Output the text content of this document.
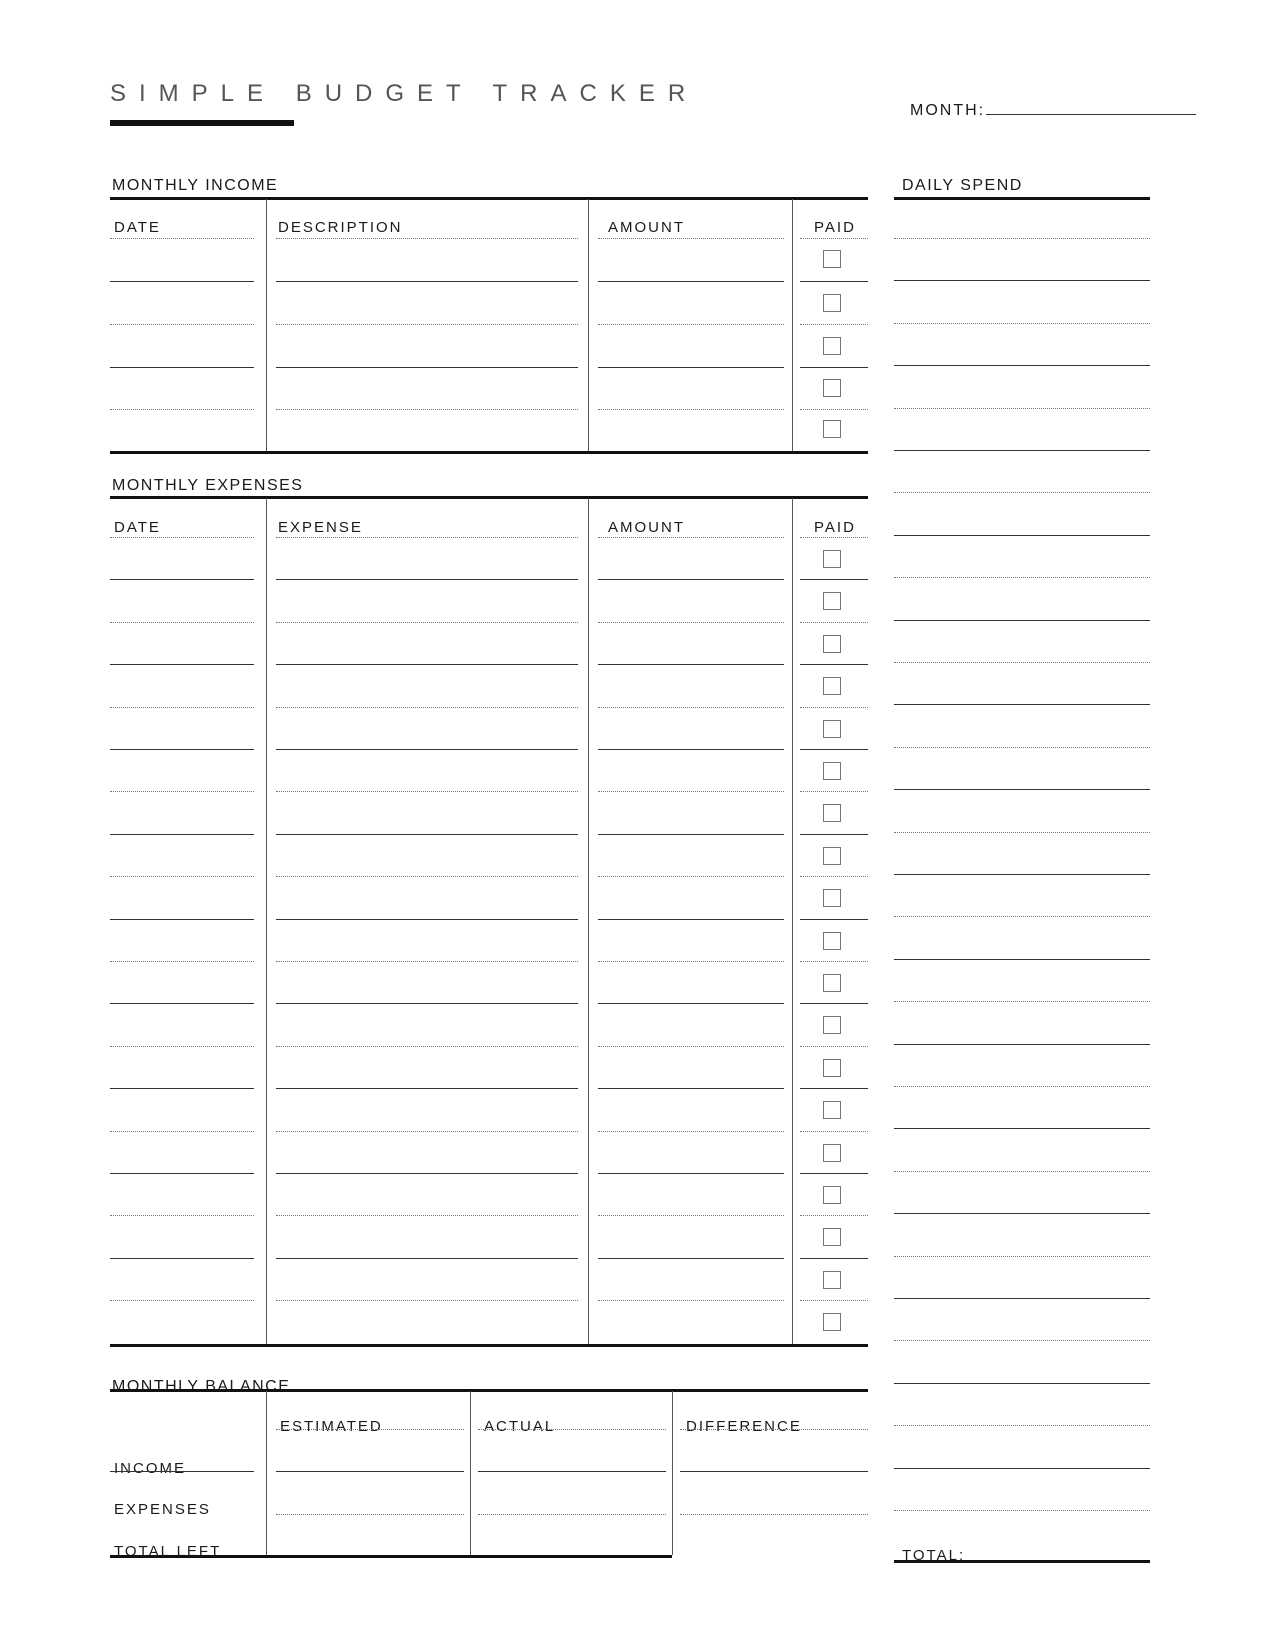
SIMPLE BUDGET TRACKER
MONTH:
MONTHLY INCOME
MONTHLY EXPENSES
MONTHLY BALANCE
DAILY SPEND
DATE	DESCRIPTION	AMOUNT	PAID
DATE	EXPENSE	AMOUNT	PAID
ESTIMATED	ACTUAL	DIFFERENCE
INCOME
EXPENSES
TOTAL LEFT	TOTAL:
